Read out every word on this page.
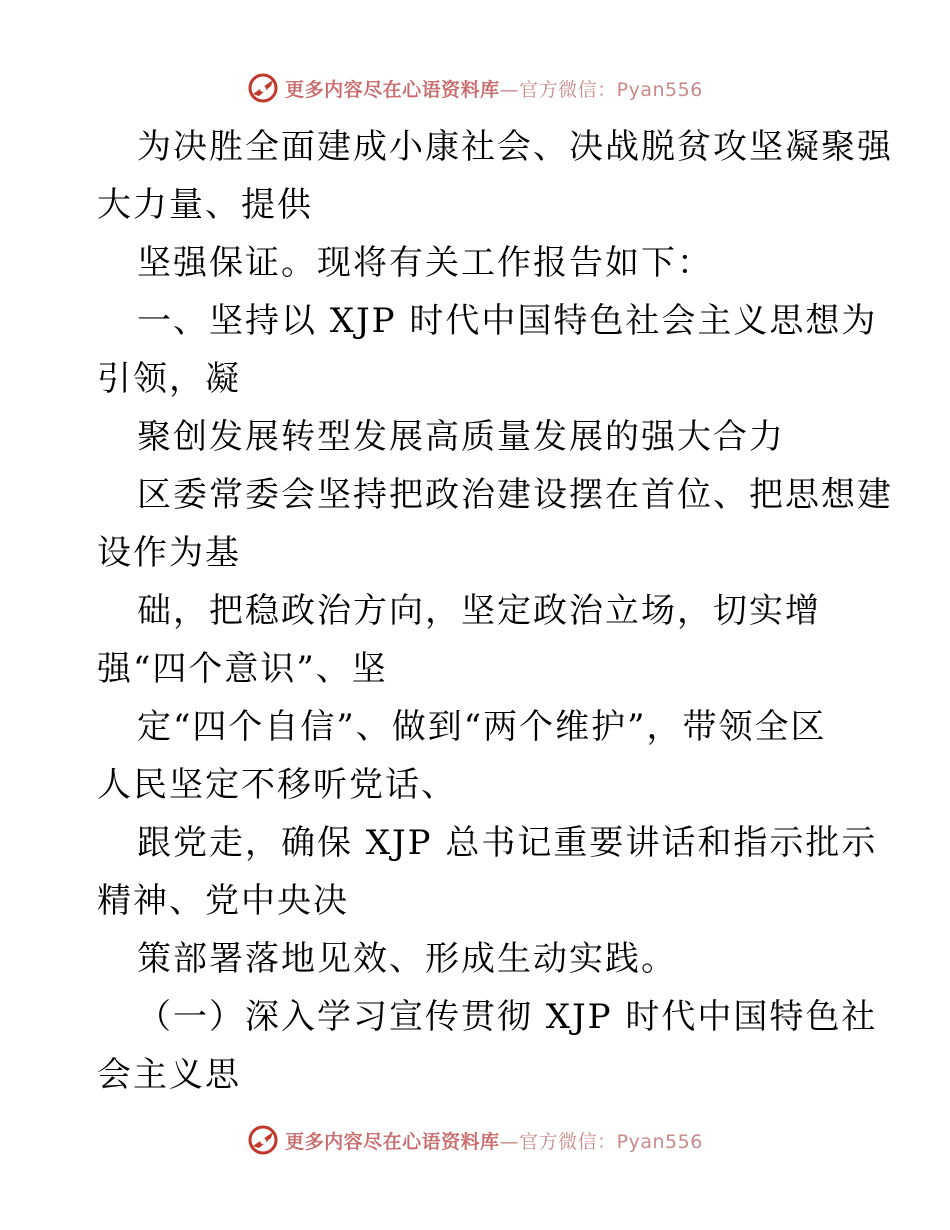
更多内容尽在心语资料库 —官方微信：Pyan556
为决胜全面建成小康社会、决战脱贫攻坚凝聚强
大力量、提供
坚强保证。现将有关工作报告如下：
一、坚持以 XJP 时代中国特色社会主义思想为
引领，凝
聚创发展转型发展高质量发展的强大合力
区委常委会坚持把政治建设摆在首位、把思想建
设作为基
础，把稳政治方向，坚定政治立场，切实增
强“四个意识”、坚
定“四个自信”、做到“两个维护”，带领全区
人民坚定不移听党话、
跟党走，确保 XJP 总书记重要讲话和指示批示
精神、党中央决
策部署落地见效、形成生动实践。
（一）深入学习宣传贯彻 XJP 时代中国特色社
会主义思
更多内容尽在心语资料库 —官方微信：Pyan556
